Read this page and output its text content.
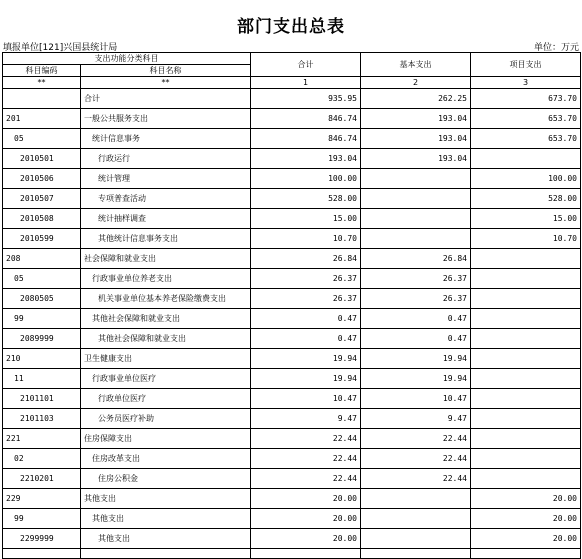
部门支出总表
填报单位[121]兴国县统计局	单位：万元
支出功能分类科目		合计	基本支出	项目支出
科目编码	科目名称			
**	**	1	2	3
	合计	935.95	262.25	673.70
201	一般公共服务支出	846.74	193.04	653.70
05	统计信息事务	846.74	193.04	653.70
2010501	行政运行	193.04	193.04	
2010506	统计管理	100.00		100.00
2010507	专项普查活动	528.00		528.00
2010508	统计抽样调查	15.00		15.00
2010599	其他统计信息事务支出	10.70		10.70
208	社会保障和就业支出	26.84	26.84	
05	行政事业单位养老支出	26.37	26.37	
2080505	机关事业单位基本养老保险缴费支出	26.37	26.37	
99	其他社会保障和就业支出	0.47	0.47	
2089999	其他社会保障和就业支出	0.47	0.47	
210	卫生健康支出	19.94	19.94	
11	行政事业单位医疗	19.94	19.94	
2101101	行政单位医疗	10.47	10.47	
2101103	公务员医疗补助	9.47	9.47	
221	住房保障支出	22.44	22.44	
02	住房改革支出	22.44	22.44	
2210201	住房公积金	22.44	22.44	
229	其他支出	20.00		20.00
99	其他支出	20.00		20.00
2299999	其他支出	20.00		20.00
